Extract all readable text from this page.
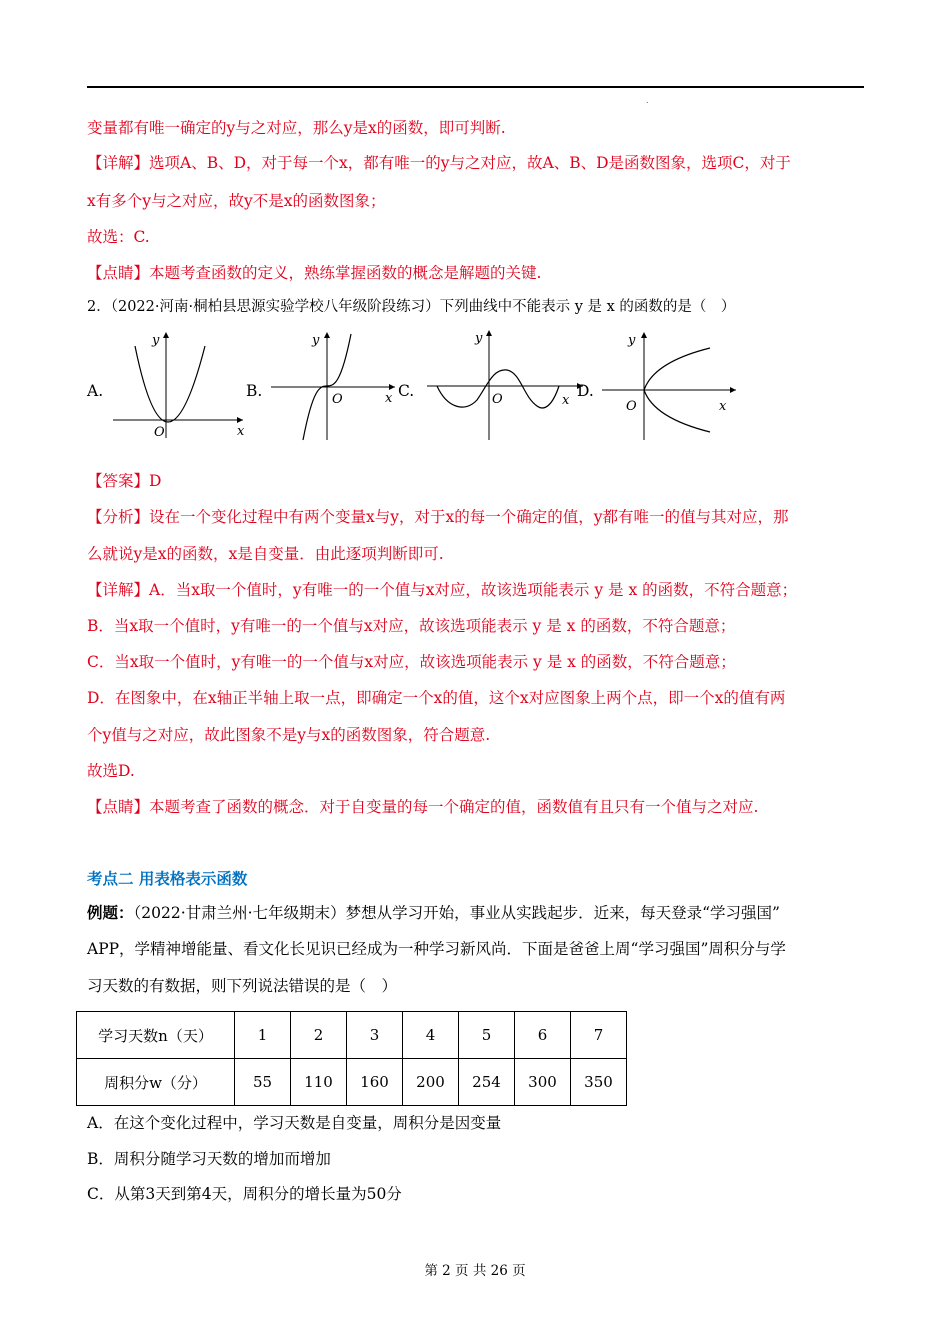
.
变量都有唯一确定的y与之对应，那么y是x的函数，即可判断.
【详解】选项A、B、D，对于每一个x，都有唯一的y与之对应，故A、B、D是函数图象，选项C，对于
x有多个y与之对应，故y不是x的函数图象；
故选：C.
【点睛】本题考查函数的定义，熟练掌握函数的概念是解题的关键.
2．（2022·河南·桐柏县思源实验学校八年级阶段练习）下列曲线中不能表示 y 是 x 的函数的是（　）
A.
y
x
O
B.
y
x
O	C.
y
x
O	D.
y
x
O
【答案】D
【分析】设在一个变化过程中有两个变量x与y，对于x的每一个确定的值，y都有唯一的值与其对应，那
么就说y是x的函数，x是自变量．由此逐项判断即可.
【详解】A．当x取一个值时，y有唯一的一个值与x对应，故该选项能表示 y 是 x 的函数，不符合题意；
B．当x取一个值时，y有唯一的一个值与x对应，故该选项能表示 y 是 x 的函数，不符合题意；
C．当x取一个值时，y有唯一的一个值与x对应，故该选项能表示 y 是 x 的函数，不符合题意；
D．在图象中，在x轴正半轴上取一点，即确定一个x的值，这个x对应图象上两个点，即一个x的值有两
个y值与之对应，故此图象不是y与x的函数图象，符合题意.
故选D.
【点睛】本题考查了函数的概念．对于自变量的每一个确定的值，函数值有且只有一个值与之对应.
考点二 用表格表示函数
例题：（2022·甘肃兰州·七年级期末）梦想从学习开始，事业从实践起步．近来，每天登录“学习强国”
APP，学精神增能量、看文化长见识已经成为一种学习新风尚．下面是爸爸上周“学习强国”周积分与学
习天数的有数据，则下列说法错误的是（　）
学习天数n（天）	1	2	3	4	5	6	7
周积分w（分）	55	110	160	200	254	300	350
A．在这个变化过程中，学习天数是自变量，周积分是因变量
B．周积分随学习天数的增加而增加
C．从第3天到第4天，周积分的增长量为50分
第 2 页 共 26 页
